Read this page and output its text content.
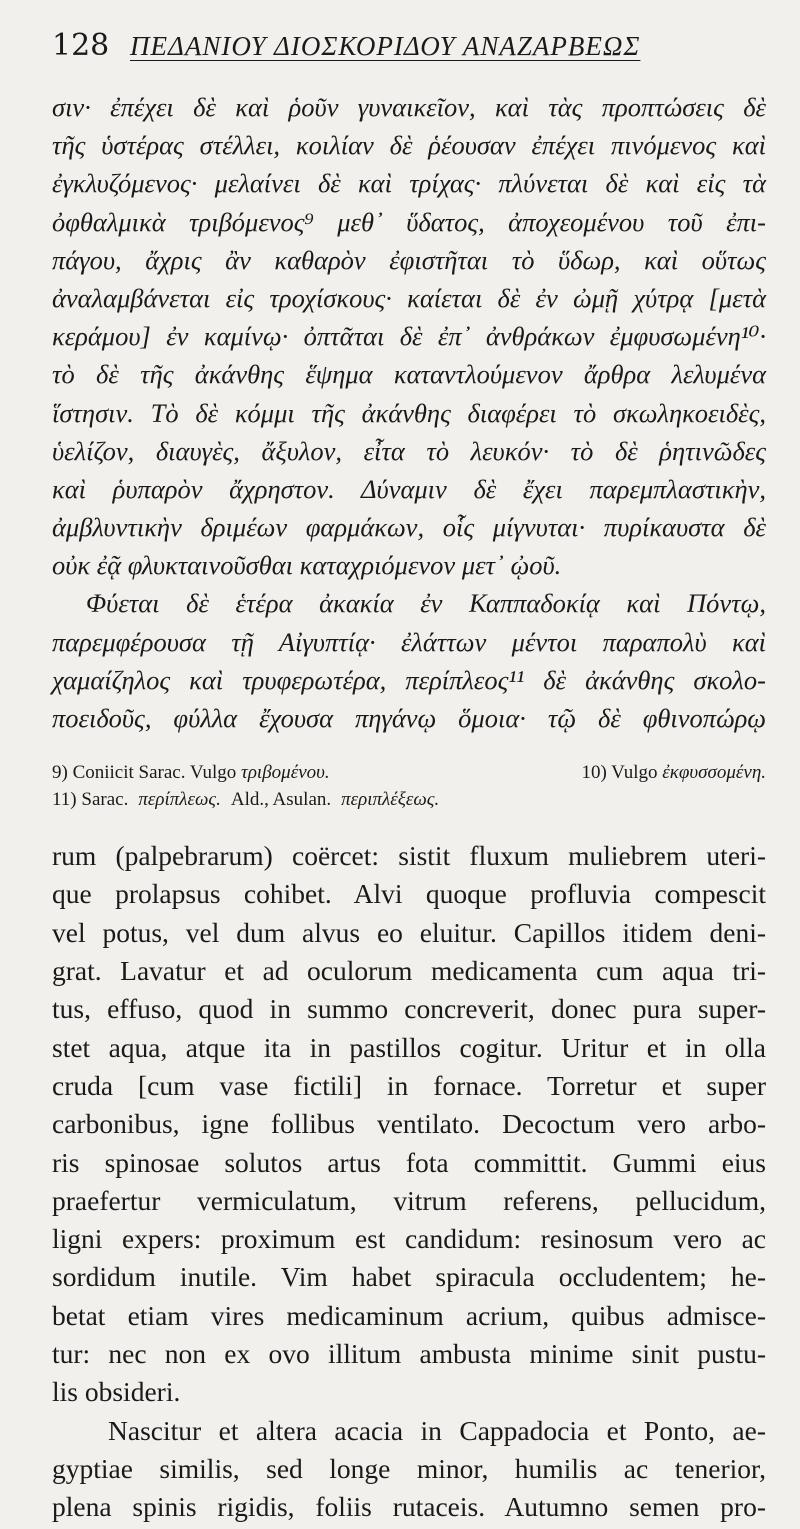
128 ΠΕΔΑΝΙΟΥ ΔΙΟΣΚΟΡΙΔΟΥ ΑΝΑΖΑΡΒΕΩΣ
σιν· ἐπέχει δὲ καὶ ῥοῦν γυναικεῖον, καὶ τὰς προπτώσεις δὲ
τῆς ὑστέρας στέλλει, κοιλίαν δὲ ῥέουσαν ἐπέχει πινόμενος καὶ
ἐγκλυζόμενος· μελαίνει δὲ καὶ τρίχας· πλύνεται δὲ καὶ εἰς τὰ
ὀφθαλμικὰ τριβόμενος⁹ μεθ᾽ ὕδατος, ἀποχεομένου τοῦ ἐπι-
πάγου, ἄχρις ἂν καθαρὸν ἐφιστῆται τὸ ὕδωρ, καὶ οὕτως
ἀναλαμβάνεται εἰς τροχίσκους· καίεται δὲ ἐν ὠμῇ χύτρᾳ [μετὰ
κεράμου] ἐν καμίνῳ· ὀπτᾶται δὲ ἐπ᾽ ἀνθράκων ἐμφυσωμένη¹⁰·
τὸ δὲ τῆς ἀκάνθης ἕψημα καταντλούμενον ἄρθρα λελυμένα
ἵστησιν. Τὸ δὲ κόμμι τῆς ἀκάνθης διαφέρει τὸ σκωληκοειδὲς,
ὑελίζον, διαυγὲς, ἄξυλον, εἶτα τὸ λευκόν· τὸ δὲ ῥητινῶδες
καὶ ῥυπαρὸν ἄχρηστον. Δύναμιν δὲ ἔχει παρεμπλαστικὴν,
ἀμβλυντικὴν δριμέων φαρμάκων, οἷς μίγνυται· πυρίκαυστα δὲ
οὐκ ἐᾷ φλυκταινοῦσθαι καταχριόμενον μετ᾽ ᾠοῦ.
Φύεται δὲ ἑτέρα ἀκακία ἐν Καππαδοκίᾳ καὶ Πόντῳ,
παρεμφέρουσα τῇ Αἰγυπτίᾳ· ἐλάττων μέντοι παραπολὺ καὶ
χαμαίζηλος καὶ τρυφερωτέρα, περίπλεος¹¹ δὲ ἀκάνθης σκολο-
ποειδοῦς, φύλλα ἔχουσα πηγάνῳ ὅμοια· τῷ δὲ φθινοπώρῳ
9) Coniicit Sarac. Vulgo τριβομένου.	10) Vulgo ἐκφυσσομένη.
11) Sarac. περίπλεως. Ald., Asulan. περιπλέξεως.
rum (palpebrarum) coërcet: sistit fluxum muliebrem uteri-
que prolapsus cohibet. Alvi quoque profluvia compescit
vel potus, vel dum alvus eo eluitur. Capillos itidem deni-
grat. Lavatur et ad oculorum medicamenta cum aqua tri-
tus, effuso, quod in summo concreverit, donec pura super-
stet aqua, atque ita in pastillos cogitur. Uritur et in olla
cruda [cum vase fictili] in fornace. Torretur et super
carbonibus, igne follibus ventilato. Decoctum vero arbo-
ris spinosae solutos artus fota committit. Gummi eius
praefertur vermiculatum, vitrum referens, pellucidum,
ligni expers: proximum est candidum: resinosum vero ac
sordidum inutile. Vim habet spiracula occludentem; he-
betat etiam vires medicaminum acrium, quibus admisce-
tur: nec non ex ovo illitum ambusta minime sinit pustu-
lis obsideri.
Nascitur et altera acacia in Cappadocia et Ponto, ae-
gyptiae similis, sed longe minor, humilis ac tenerior,
plena spinis rigidis, foliis rutaceis. Autumno semen pro-
